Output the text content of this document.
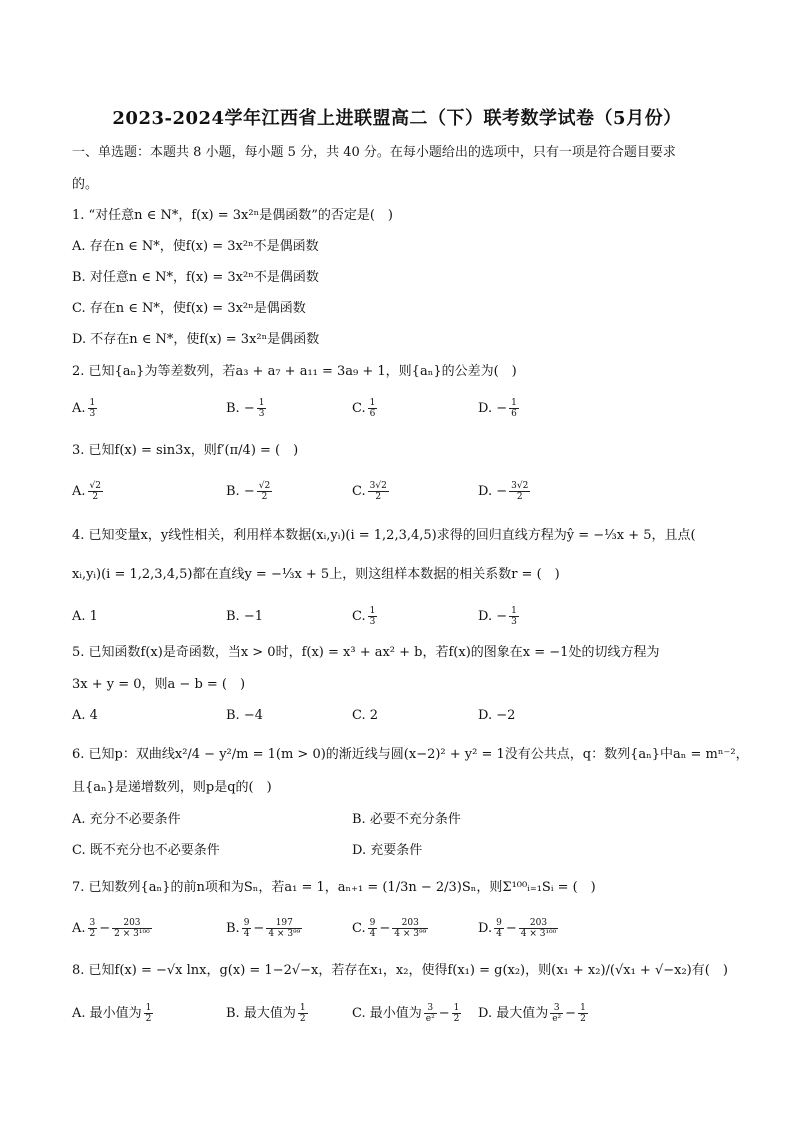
2023-2024学年江西省上进联盟高二（下）联考数学试卷（5月份）
一、单选题：本题共 8 小题，每小题 5 分，共 40 分。在每小题给出的选项中，只有一项是符合题目要求
的。
1. “对任意n ∈ N*，f(x) = 3x²ⁿ是偶函数”的否定是(　)
A. 存在n ∈ N*，使f(x) = 3x²ⁿ不是偶函数
B. 对任意n ∈ N*，f(x) = 3x²ⁿ不是偶函数
C. 存在n ∈ N*，使f(x) = 3x²ⁿ是偶函数
D. 不存在n ∈ N*，使f(x) = 3x²ⁿ是偶函数
2. 已知{aₙ}为等差数列，若a₃ + a₇ + a₁₁ = 3a₉ + 1，则{aₙ}的公差为(　)
A. $\frac{1}{3}$	B. − $\frac{1}{3}$	C. $\frac{1}{6}$	D. − $\frac{1}{6}$
3. 已知f(x) = sin3x，则f′(π/4) = (　)
A. $\frac{√2}{2}$	B. − $\frac{√2}{2}$	C. $\frac{3√2}{2}$	D. − $\frac{3√2}{2}$
4. 已知变量x，y线性相关，利用样本数据(xᵢ,yᵢ)(i = 1,2,3,4,5)求得的回归直线方程为ŷ = −⅓x + 5，且点(
xᵢ,yᵢ)(i = 1,2,3,4,5)都在直线y = −⅓x + 5上，则这组样本数据的相关系数r = (　)
A. 1	B. −1	C. $\frac{1}{3}$	D. − $\frac{1}{3}$
5. 已知函数f(x)是奇函数，当x > 0时，f(x) = x³ + ax² + b，若f(x)的图象在x = −1处的切线方程为
3x + y = 0，则a − b = (　)
A. 4	B. −4	C. 2	D. −2
6. 已知p：双曲线x²/4 − y²/m = 1(m > 0)的渐近线与圆(x−2)² + y² = 1没有公共点，q：数列{aₙ}中aₙ = mⁿ⁻²，
且{aₙ}是递增数列，则p是q的(　)
A. 充分不必要条件	B. 必要不充分条件
C. 既不充分也不必要条件	D. 充要条件
7. 已知数列{aₙ}的前n项和为Sₙ，若a₁ = 1，aₙ₊₁ = (1/3n − 2/3)Sₙ，则Σ¹⁰⁰ᵢ₌₁Sᵢ = (　)
A. $\frac{3}{2} - \frac{203}{\text{2 × 3¹⁰⁰}}$	B. $\frac{9}{4} - \frac{197}{\text{4 × 3⁹⁹}}$	C. $\frac{9}{4} - \frac{203}{\text{4 × 3⁹⁹}}$	D. $\frac{9}{4} - \frac{203}{\text{4 × 3¹⁰⁰}}$
8. 已知f(x) = −√x lnx，g(x) = 1−2√−x，若存在x₁，x₂，使得f(x₁) = g(x₂)，则(x₁ + x₂)/(√x₁ + √−x₂)有(　)
A. 最小值为 $\frac{1}{2}$	B. 最大值为 $\frac{1}{2}$	C. 最小值为 $\frac{3}{\text{e²}} - \frac{1}{2} D$. 最大值为 $\frac{3}{\text{e²}} - \frac{1}{2}$
